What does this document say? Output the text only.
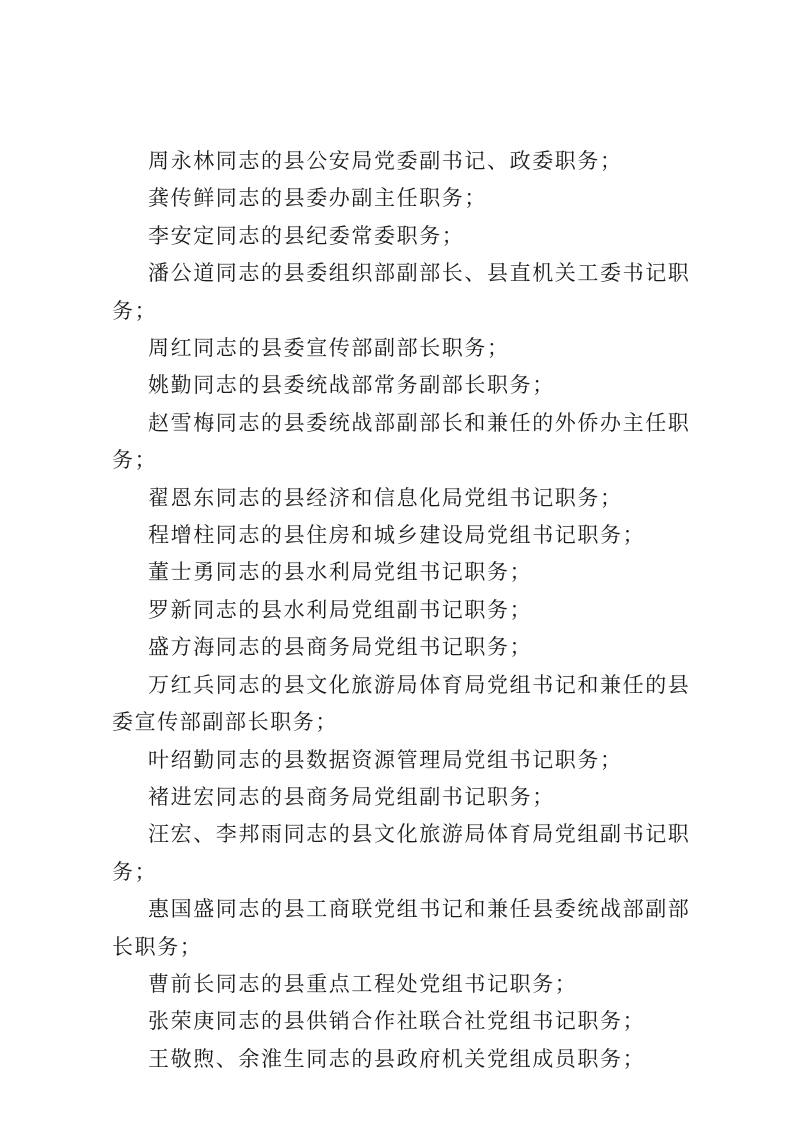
周永林同志的县公安局党委副书记、政委职务；

龚传鲜同志的县委办副主任职务；

李安定同志的县纪委常委职务；

潘公道同志的县委组织部副部长、县直机关工委书记职务；

周红同志的县委宣传部副部长职务；

姚勤同志的县委统战部常务副部长职务；

赵雪梅同志的县委统战部副部长和兼任的外侨办主任职务；

翟恩东同志的县经济和信息化局党组书记职务；

程增柱同志的县住房和城乡建设局党组书记职务；

董士勇同志的县水利局党组书记职务；

罗新同志的县水利局党组副书记职务；

盛方海同志的县商务局党组书记职务；

万红兵同志的县文化旅游局体育局党组书记和兼任的县委宣传部副部长职务；

叶绍勤同志的县数据资源管理局党组书记职务；

褚进宏同志的县商务局党组副书记职务；

汪宏、李邦雨同志的县文化旅游局体育局党组副书记职务；

惠国盛同志的县工商联党组书记和兼任县委统战部副部长职务；

曹前长同志的县重点工程处党组书记职务；

张荣庚同志的县供销合作社联合社党组书记职务；

王敬煦、余淮生同志的县政府机关党组成员职务；
